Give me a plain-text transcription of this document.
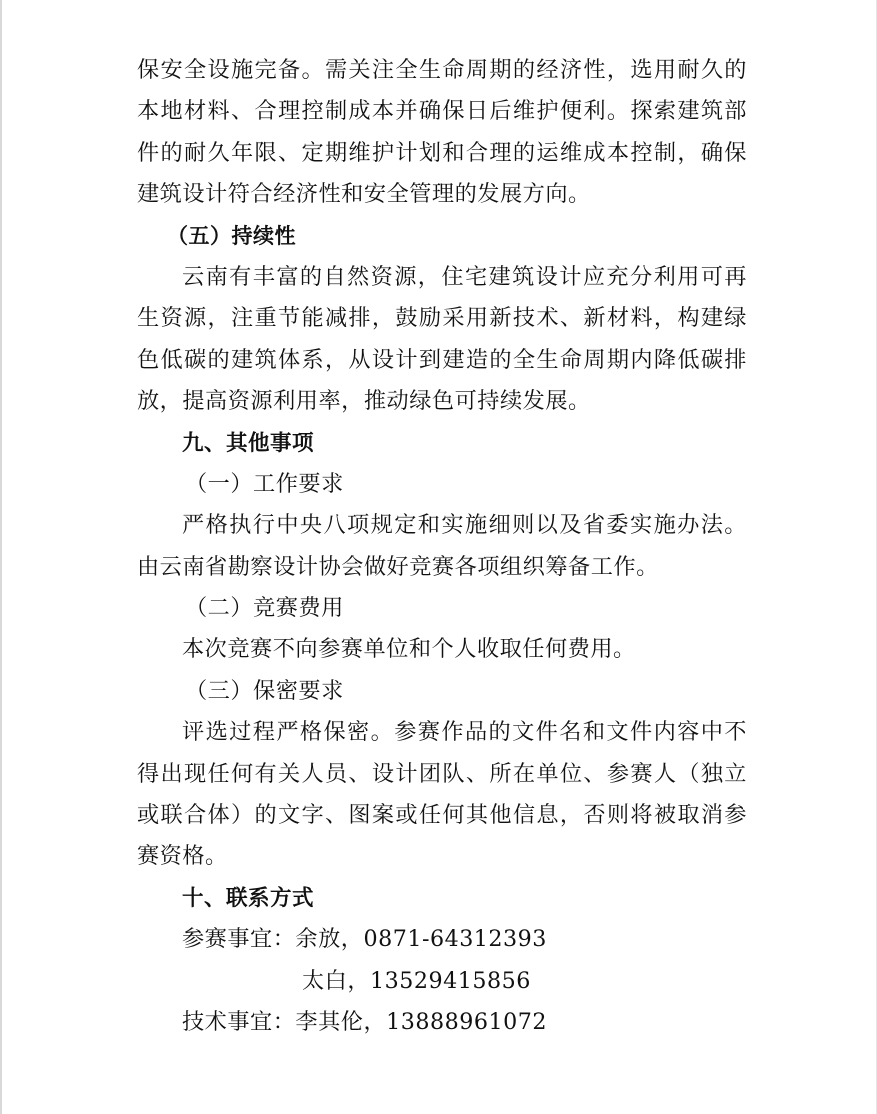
保安全设施完备。需关注全生命周期的经济性，选用耐久的
本地材料、合理控制成本并确保日后维护便利。探索建筑部
件的耐久年限、定期维护计划和合理的运维成本控制，确保
建筑设计符合经济性和安全管理的发展方向。
（五）持续性
云南有丰富的自然资源，住宅建筑设计应充分利用可再
生资源，注重节能减排，鼓励采用新技术、新材料，构建绿
色低碳的建筑体系，从设计到建造的全生命周期内降低碳排
放，提高资源利用率，推动绿色可持续发展。
九、其他事项
（一）工作要求
严格执行中央八项规定和实施细则以及省委实施办法。
由云南省勘察设计协会做好竞赛各项组织筹备工作。
（二）竞赛费用
本次竞赛不向参赛单位和个人收取任何费用。
（三）保密要求
评选过程严格保密。参赛作品的文件名和文件内容中不
得出现任何有关人员、设计团队、所在单位、参赛人（独立
或联合体）的文字、图案或任何其他信息，否则将被取消参
赛资格。
十、联系方式
参赛事宜：余放，0871-64312393
太白，13529415856
技术事宜：李其伦，13888961072
